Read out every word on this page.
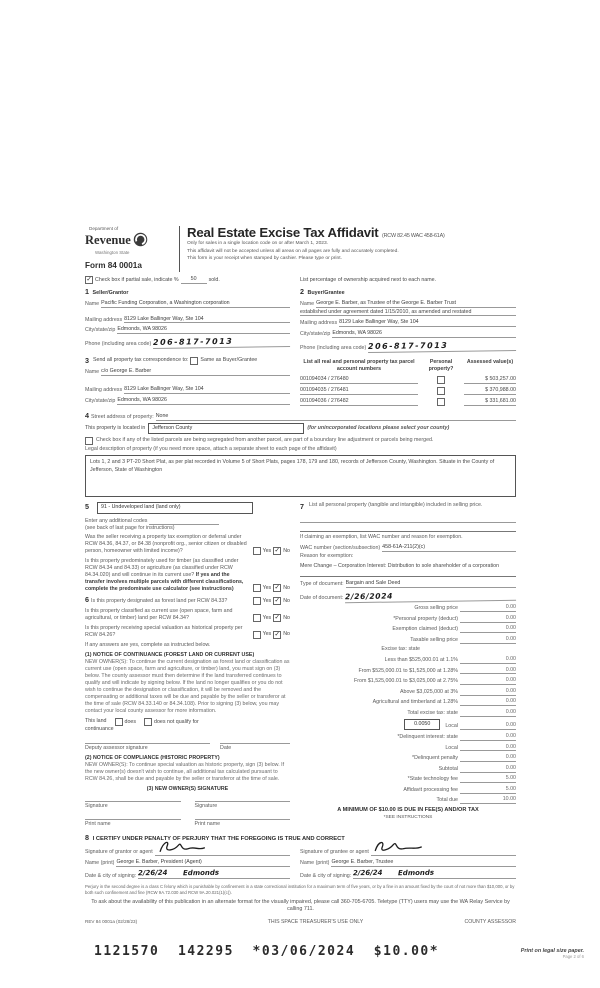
Department of
Revenue
Washington State
Form 84 0001a
Real Estate Excise Tax Affidavit (RCW 82.45 WAC 458-61A)
Only for sales in a single location code on or after March 1, 2023.
This affidavit will not be accepted unless all areas on all pages are fully and accurately completed.
This form is your receipt when stamped by cashier. Please type or print.
✓ Check box if partial sale, indicate %	50	sold.	List percentage of ownership acquired next to each name.
1 Seller/Grantor
Name Pacific Funding Corporation, a Washington corporation
Mailing address 8129 Lake Ballinger Way, Ste 104
City/state/zip Edmonds, WA 98026
Phone (including area code) 206-817-7013
2 Buyer/Grantee
Name George E. Barber, as Trustee of the George E. Barber Trust
established under agreement dated 1/15/2010, as amended and restated
Mailing address 8129 Lake Ballinger Way, Ste 104
City/state/zip Edmonds, WA 98026
Phone (including area code) 206-817-7013
3 Send all property tax correspondence to: Same as Buyer/Grantee
Name c/o George E. Barber
Mailing address 8129 Lake Ballinger Way, Ste 104
City/state/zip Edmonds, WA 98026
List all real and personal property tax parcel account numbers
Personal property?
Assessed value(s)
001094034 / 276480	$ 503,257.00
001094035 / 276481	$ 370,988.00
001094036 / 276482	$ 331,681.00
4 Street address of property: None
This property is located in	Jefferson County	(for unincorporated locations please select your county)
Check box if any of the listed parcels are being segregated from another parcel, are part of a boundary line adjustment or parcels being merged.
Legal description of property (if you need more space, attach a separate sheet to each page of the affidavit)
Lots 1, 2 and 3 PT-20 Short Plat, as per plat recorded in Volume 5 of Short Plats, pages 178, 179 and 180, records of Jefferson County, Washington. Situate in the County of Jefferson, State of Washington
5	91 - Undeveloped land (land only)
Enter any additional codes
(see back of last page for instructions)
Was the seller receiving a property tax exemption or deferral under RCW 84.36, 84.37, or 84.38 (nonprofit org., senior citizen or disabled person, homeowner with limited income)?	Yes ✓ No
Is this property predominately used for timber (as classified under RCW 84.34 and 84.33) or agriculture (as classified under RCW 84.34.020) and will continue in its current use? If yes and the transfer involves multiple parcels with different classifications, complete the predominate use calculator (see instructions)	Yes ✓ No
6 Is this property designated as forest land per RCW 84.33?	Yes ✓ No
Is this property classified as current use (open space, farm and agricultural, or timber) land per RCW 84.34?	Yes ✓ No
Is this property receiving special valuation as historical property per RCW 84.26?	Yes ✓ No
If any answers are yes, complete as instructed below.
(1) NOTICE OF CONTINUANCE (FOREST LAND OR CURRENT USE)
NEW OWNER(S): To continue the current designation as forest land or classification as current use (open space, farm and agriculture, or timber) land, you must sign on (3) below. The county assessor must then determine if the land transferred continues to qualify and will indicate by signing below. If the land no longer qualifies or you do not wish to continue the designation or classification, it will be removed and the compensating or additional taxes will be due and payable by the seller or transferor at the time of sale (RCW 84.33.140 or 84.34.108). Prior to signing (3) below, you may contact your local county assessor for more information.
This land	does	does not qualify for
continuance
Deputy assessor signature	Date
(2) NOTICE OF COMPLIANCE (HISTORIC PROPERTY)
NEW OWNER(S): To continue special valuation as historic property, sign (3) below. If the new owner(s) doesn't wish to continue, all additional tax calculated pursuant to RCW 84.26, shall be due and payable by the seller or transferor at the time of sale.
(3) NEW OWNER(S) SIGNATURE
Signature	Signature
Print name	Print name
7 List all personal property (tangible and intangible) included in selling price.
If claiming an exemption, list WAC number and reason for exemption.
WAC number (section/subsection) 458-61A-211(2)(c)
Reason for exemption:
Mere Change – Corporation Interest: Distribution to sole shareholder of a corporation
Type of document: Bargain and Sale Deed
Date of document: 2/26/2024
Gross selling price	0.00
*Personal property (deduct)	0.00
Exemption claimed (deduct)	0.00
Taxable selling price	0.00
Excise tax: state
Less than $525,000.01 at 1.1%	0.00
From $525,000.01 to $1,525,000 at 1.28%	0.00
From $1,525,000.01 to $3,025,000 at 2.75%	0.00
Above $3,025,000 at 3%	0.00
Agricultural and timberland at 1.28%	0.00
Total excise tax: state	0.00
0.0050	Local	0.00
*Delinquent interest: state	0.00
Local	0.00
*Delinquent penalty	0.00
Subtotal	0.00
*State technology fee	5.00
Affidavit processing fee	5.00
Total due	10.00
A MINIMUM OF $10.00 IS DUE IN FEE(S) AND/OR TAX
*SEE INSTRUCTIONS
8 I CERTIFY UNDER PENALTY OF PERJURY THAT THE FOREGOING IS TRUE AND CORRECT
Signature of grantor or agent
Name (print) George E. Barber, President (Agent)
Date & city of signing: 2/26/24 Edmonds
Signature of grantee or agent
Name (print) George E. Barber, Trustee
Date & city of signing: 2/26/24 Edmonds
Perjury in the second degree is a class C felony which is punishable by confinement in a state correctional institution for a maximum term of five years, or by a fine in an amount fixed by the court of not more than $10,000, or by both such confinement and fine (RCW 9A.72.030 and RCW 9A.20.021(1)(c)).
To ask about the availability of this publication in an alternate format for the visually impaired, please call 360-705-6705. Teletype (TTY) users may use the WA Relay Service by calling 711.
REV 84 0001a (02/28/23)	THIS SPACE TREASURER'S USE ONLY	COUNTY ASSESSOR
1121570  142295  *03/06/2024  $10.00*	Print on legal size paper.
Page 2 of 6
